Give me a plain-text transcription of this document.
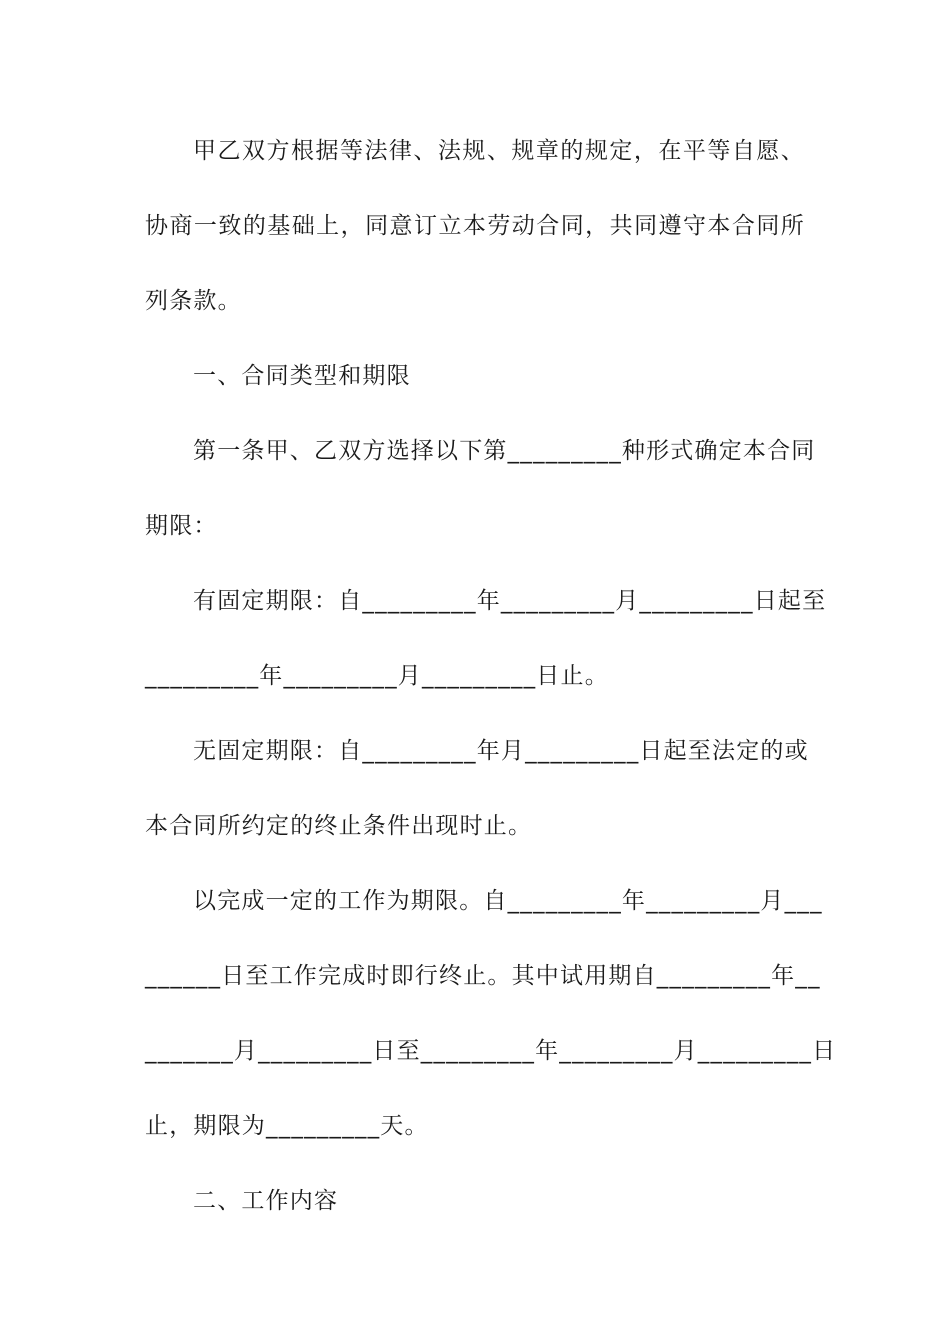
甲乙双方根据等法律、法规、规章的规定，在平等自愿、
协商一致的基础上，同意订立本劳动合同，共同遵守本合同所
列条款。
一、合同类型和期限
第一条甲、乙双方选择以下第_________种形式确定本合同
期限：
有固定期限：自_________年_________月_________日起至
_________年_________月_________日止。
无固定期限：自_________年月_________日起至法定的或
本合同所约定的终止条件出现时止。
以完成一定的工作为期限。自_________年_________月___
______日至工作完成时即行终止。其中试用期自_________年__
_______月_________日至_________年_________月_________日
止，期限为_________天。
二、工作内容
